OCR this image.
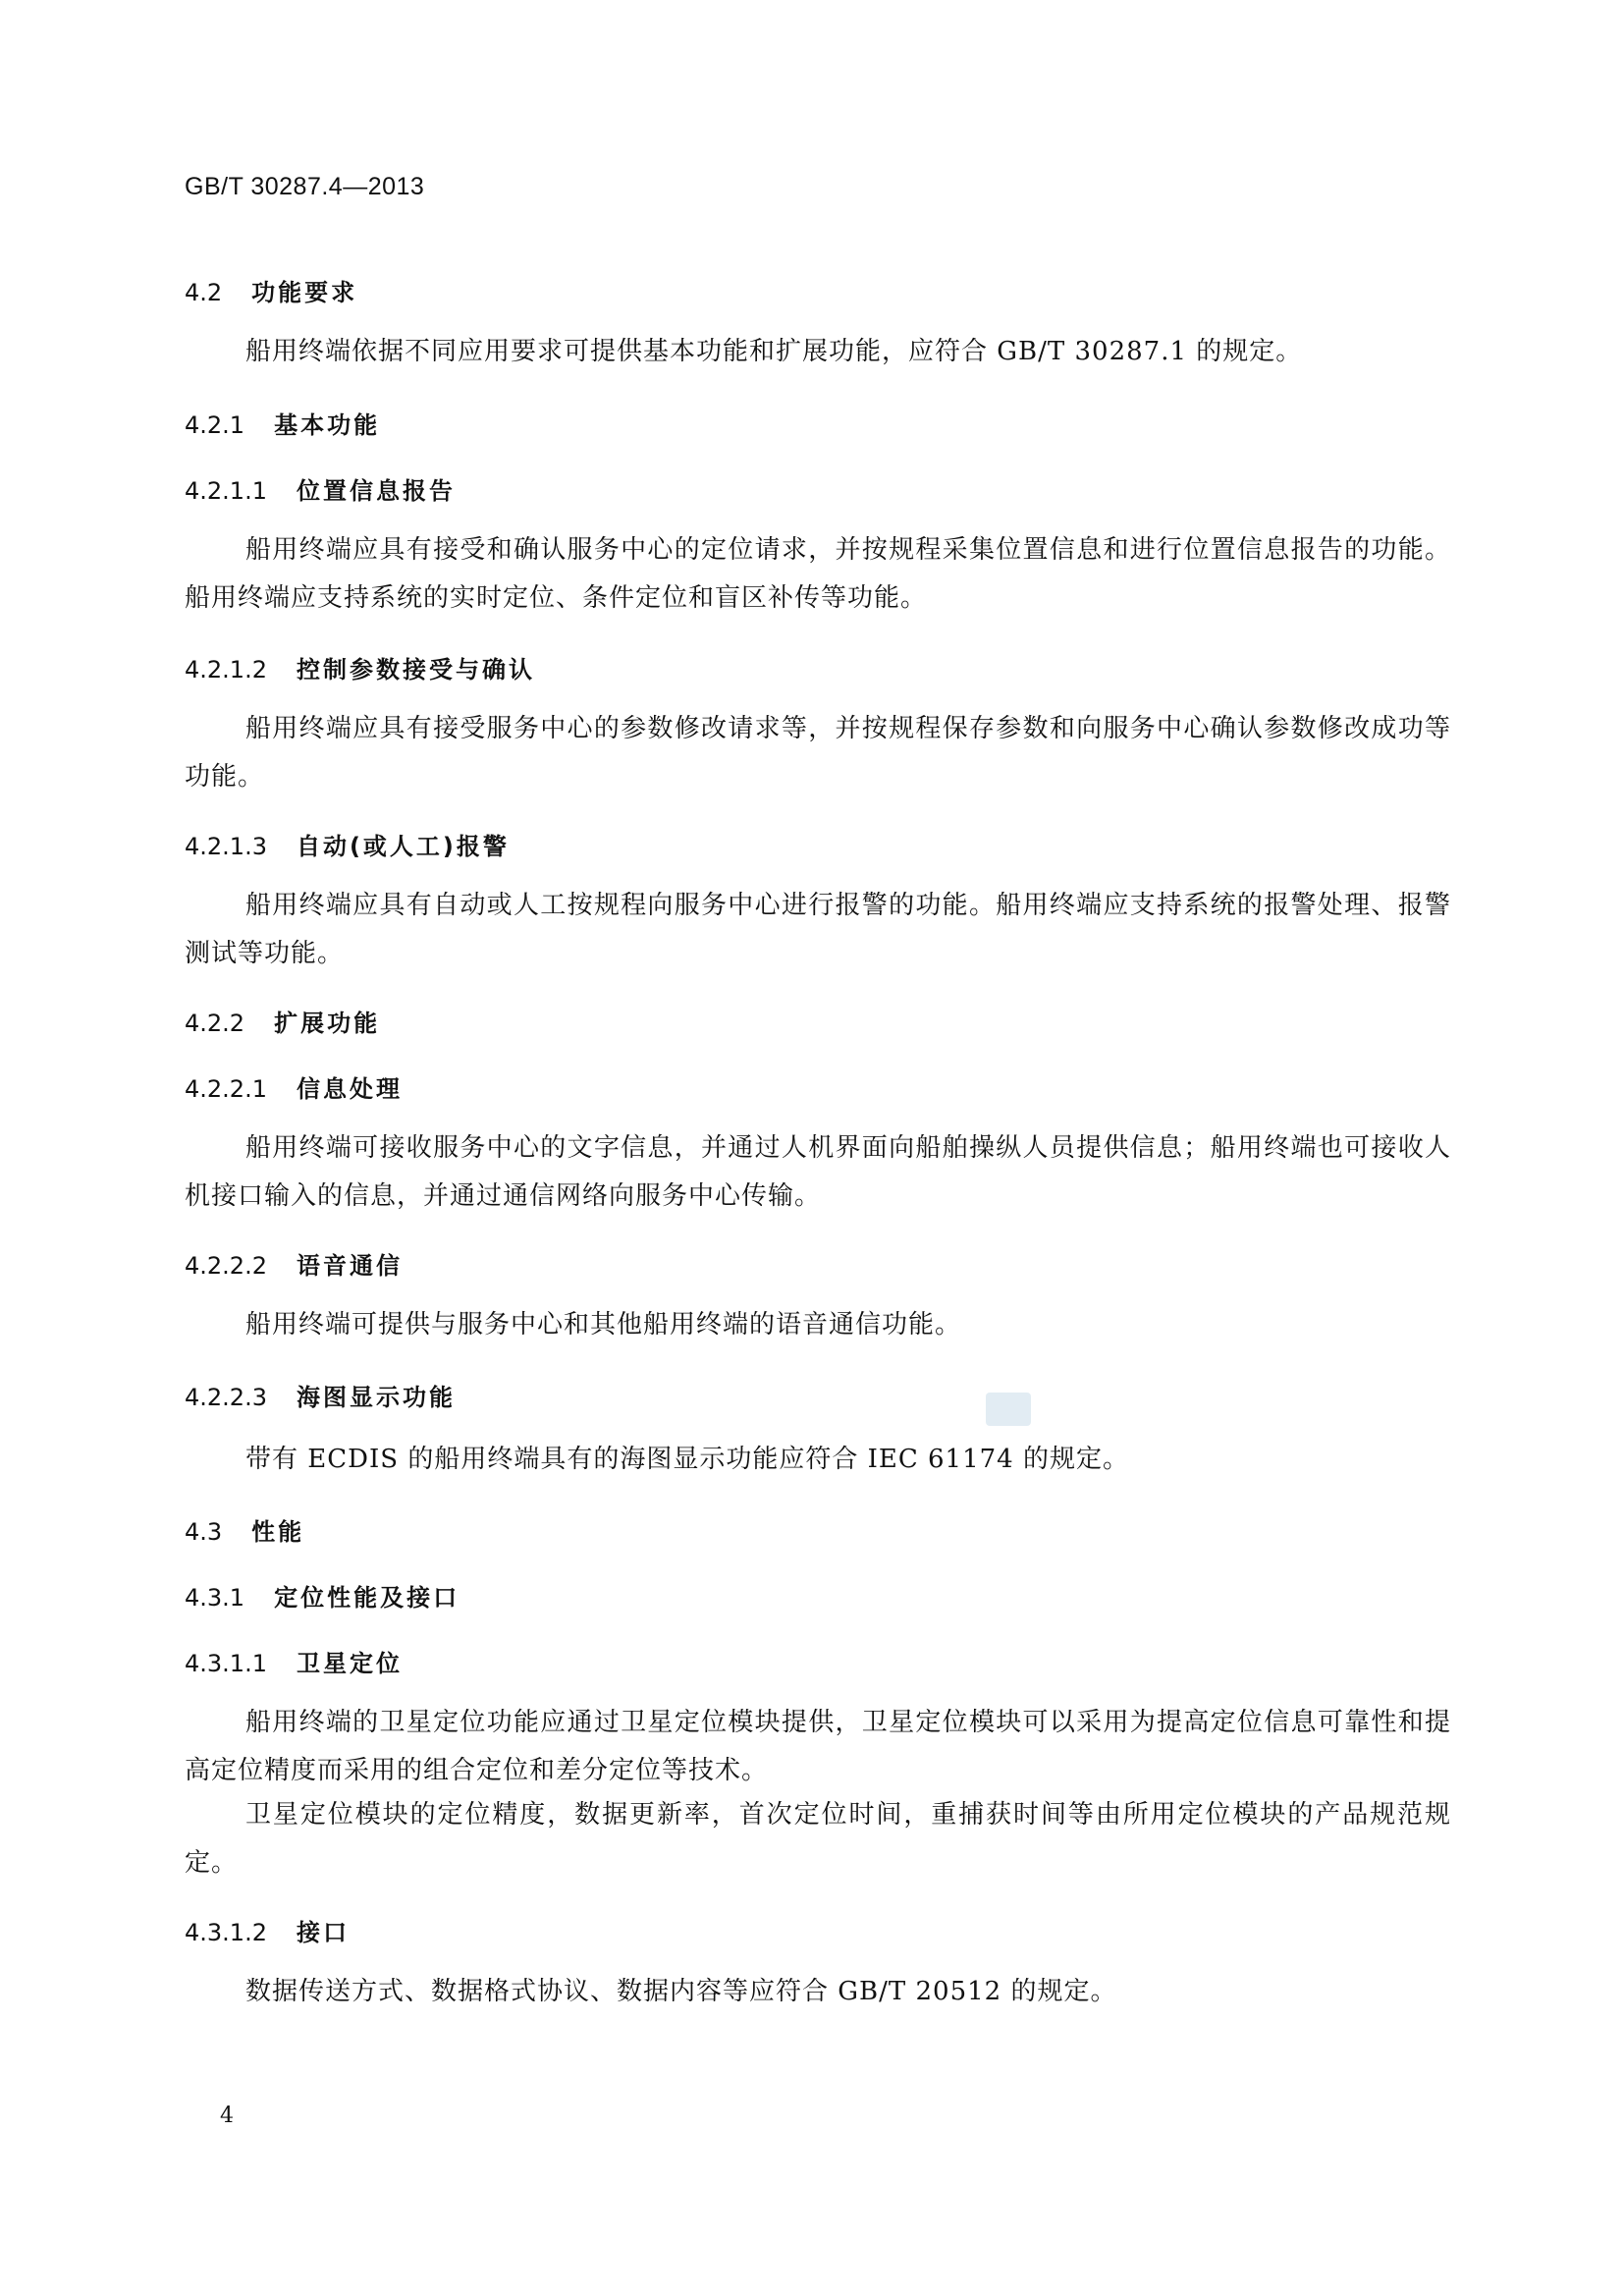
GB/T 30287.4—2013
4.2 功能要求

船用终端依据不同应用要求可提供基本功能和扩展功能，应符合 GB/T 30287.1 的规定。

4.2.1 基本功能
4.2.1.1 位置信息报告

船用终端应具有接受和确认服务中心的定位请求，并按规程采集位置信息和进行位置信息报告的功能。船用终端应支持系统的实时定位、条件定位和盲区补传等功能。

4.2.1.2 控制参数接受与确认

船用终端应具有接受服务中心的参数修改请求等，并按规程保存参数和向服务中心确认参数修改成功等功能。

4.2.1.3 自动(或人工)报警

船用终端应具有自动或人工按规程向服务中心进行报警的功能。船用终端应支持系统的报警处理、报警测试等功能。

4.2.2 扩展功能
4.2.2.1 信息处理

船用终端可接收服务中心的文字信息，并通过人机界面向船舶操纵人员提供信息；船用终端也可接收人机接口输入的信息，并通过通信网络向服务中心传输。

4.2.2.2 语音通信

船用终端可提供与服务中心和其他船用终端的语音通信功能。

4.2.2.3 海图显示功能

带有 ECDIS 的船用终端具有的海图显示功能应符合 IEC 61174 的规定。

4.3 性能
4.3.1 定位性能及接口
4.3.1.1 卫星定位

船用终端的卫星定位功能应通过卫星定位模块提供，卫星定位模块可以采用为提高定位信息可靠性和提高定位精度而采用的组合定位和差分定位等技术。

卫星定位模块的定位精度，数据更新率，首次定位时间，重捕获时间等由所用定位模块的产品规范规定。

4.3.1.2 接口

数据传送方式、数据格式协议、数据内容等应符合 GB/T 20512 的规定。

4
